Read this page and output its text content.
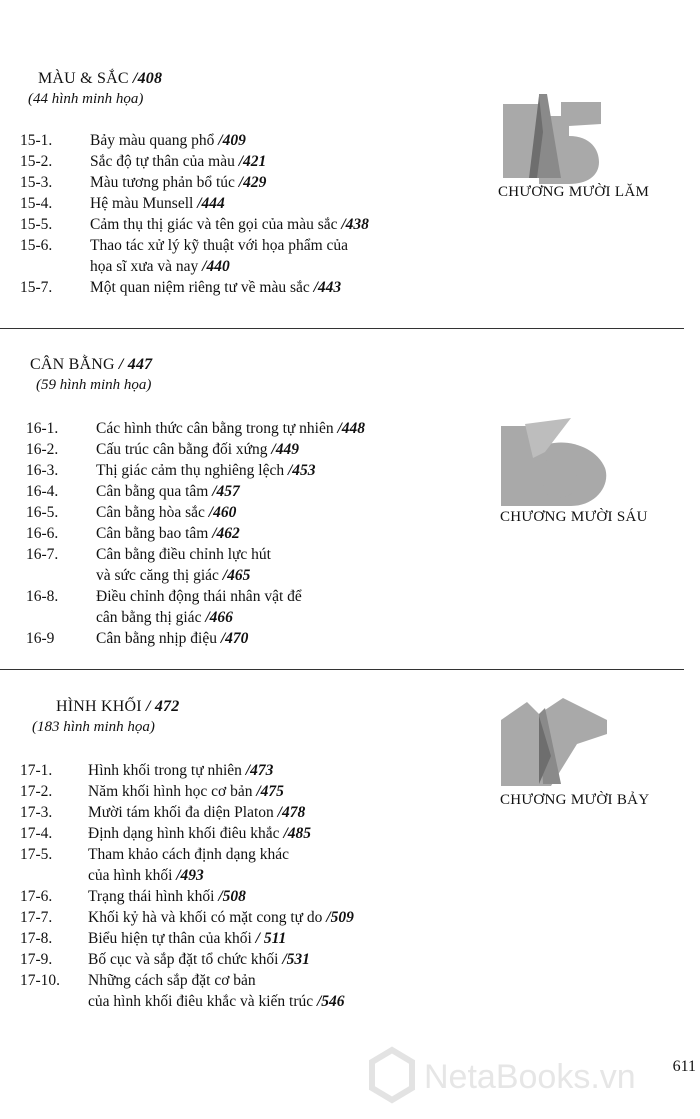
MÀU & SẮC /408
(44 hình minh họa)
15-1. Bảy màu quang phổ /409
15-2. Sắc độ tự thân của màu /421
15-3. Màu tương phản bổ túc /429
15-4. Hệ màu Munsell /444
15-5. Cảm thụ thị giác và tên gọi của màu sắc /438
15-6. Thao tác xử lý kỹ thuật với họa phẩm của
họa sĩ xưa và nay /440
15-7. Một quan niệm riêng tư về màu sắc /443
CHƯƠNG MƯỜI LĂM
CÂN BẰNG / 447
(59 hình minh họa)
16-1. Các hình thức cân bằng trong tự nhiên /448
16-2. Cấu trúc cân bằng đối xứng /449
16-3. Thị giác cảm thụ nghiêng lệch /453
16-4. Cân bằng qua tâm /457
16-5. Cân bằng hòa sắc /460
16-6. Cân bằng bao tâm /462
16-7. Cân bằng điều chỉnh lực hút
và sức căng thị giác /465
16-8. Điều chỉnh động thái nhân vật để
cân bằng thị giác /466
16-9	Cân bằng nhịp điệu /470
CHƯƠNG MƯỜI SÁU
HÌNH KHỐI / 472
(183 hình minh họa)
17-1. Hình khối trong tự nhiên /473
17-2. Năm khối hình học cơ bản /475
17-3. Mười tám khối đa diện Platon /478
17-4. Định dạng hình khối điêu khắc /485
17-5. Tham khảo cách định dạng khác
của hình khối /493
17-6. Trạng thái hình khối /508
17-7. Khối kỷ hà và khối có mặt cong tự do /509
17-8. Biểu hiện tự thân của khối / 511
17-9. Bố cục và sắp đặt tổ chức khối /531
17-10. Những cách sắp đặt cơ bản
của hình khối điêu khắc và kiến trúc /546
CHƯƠNG MƯỜI BẢY
NetaBooks.vn 611
